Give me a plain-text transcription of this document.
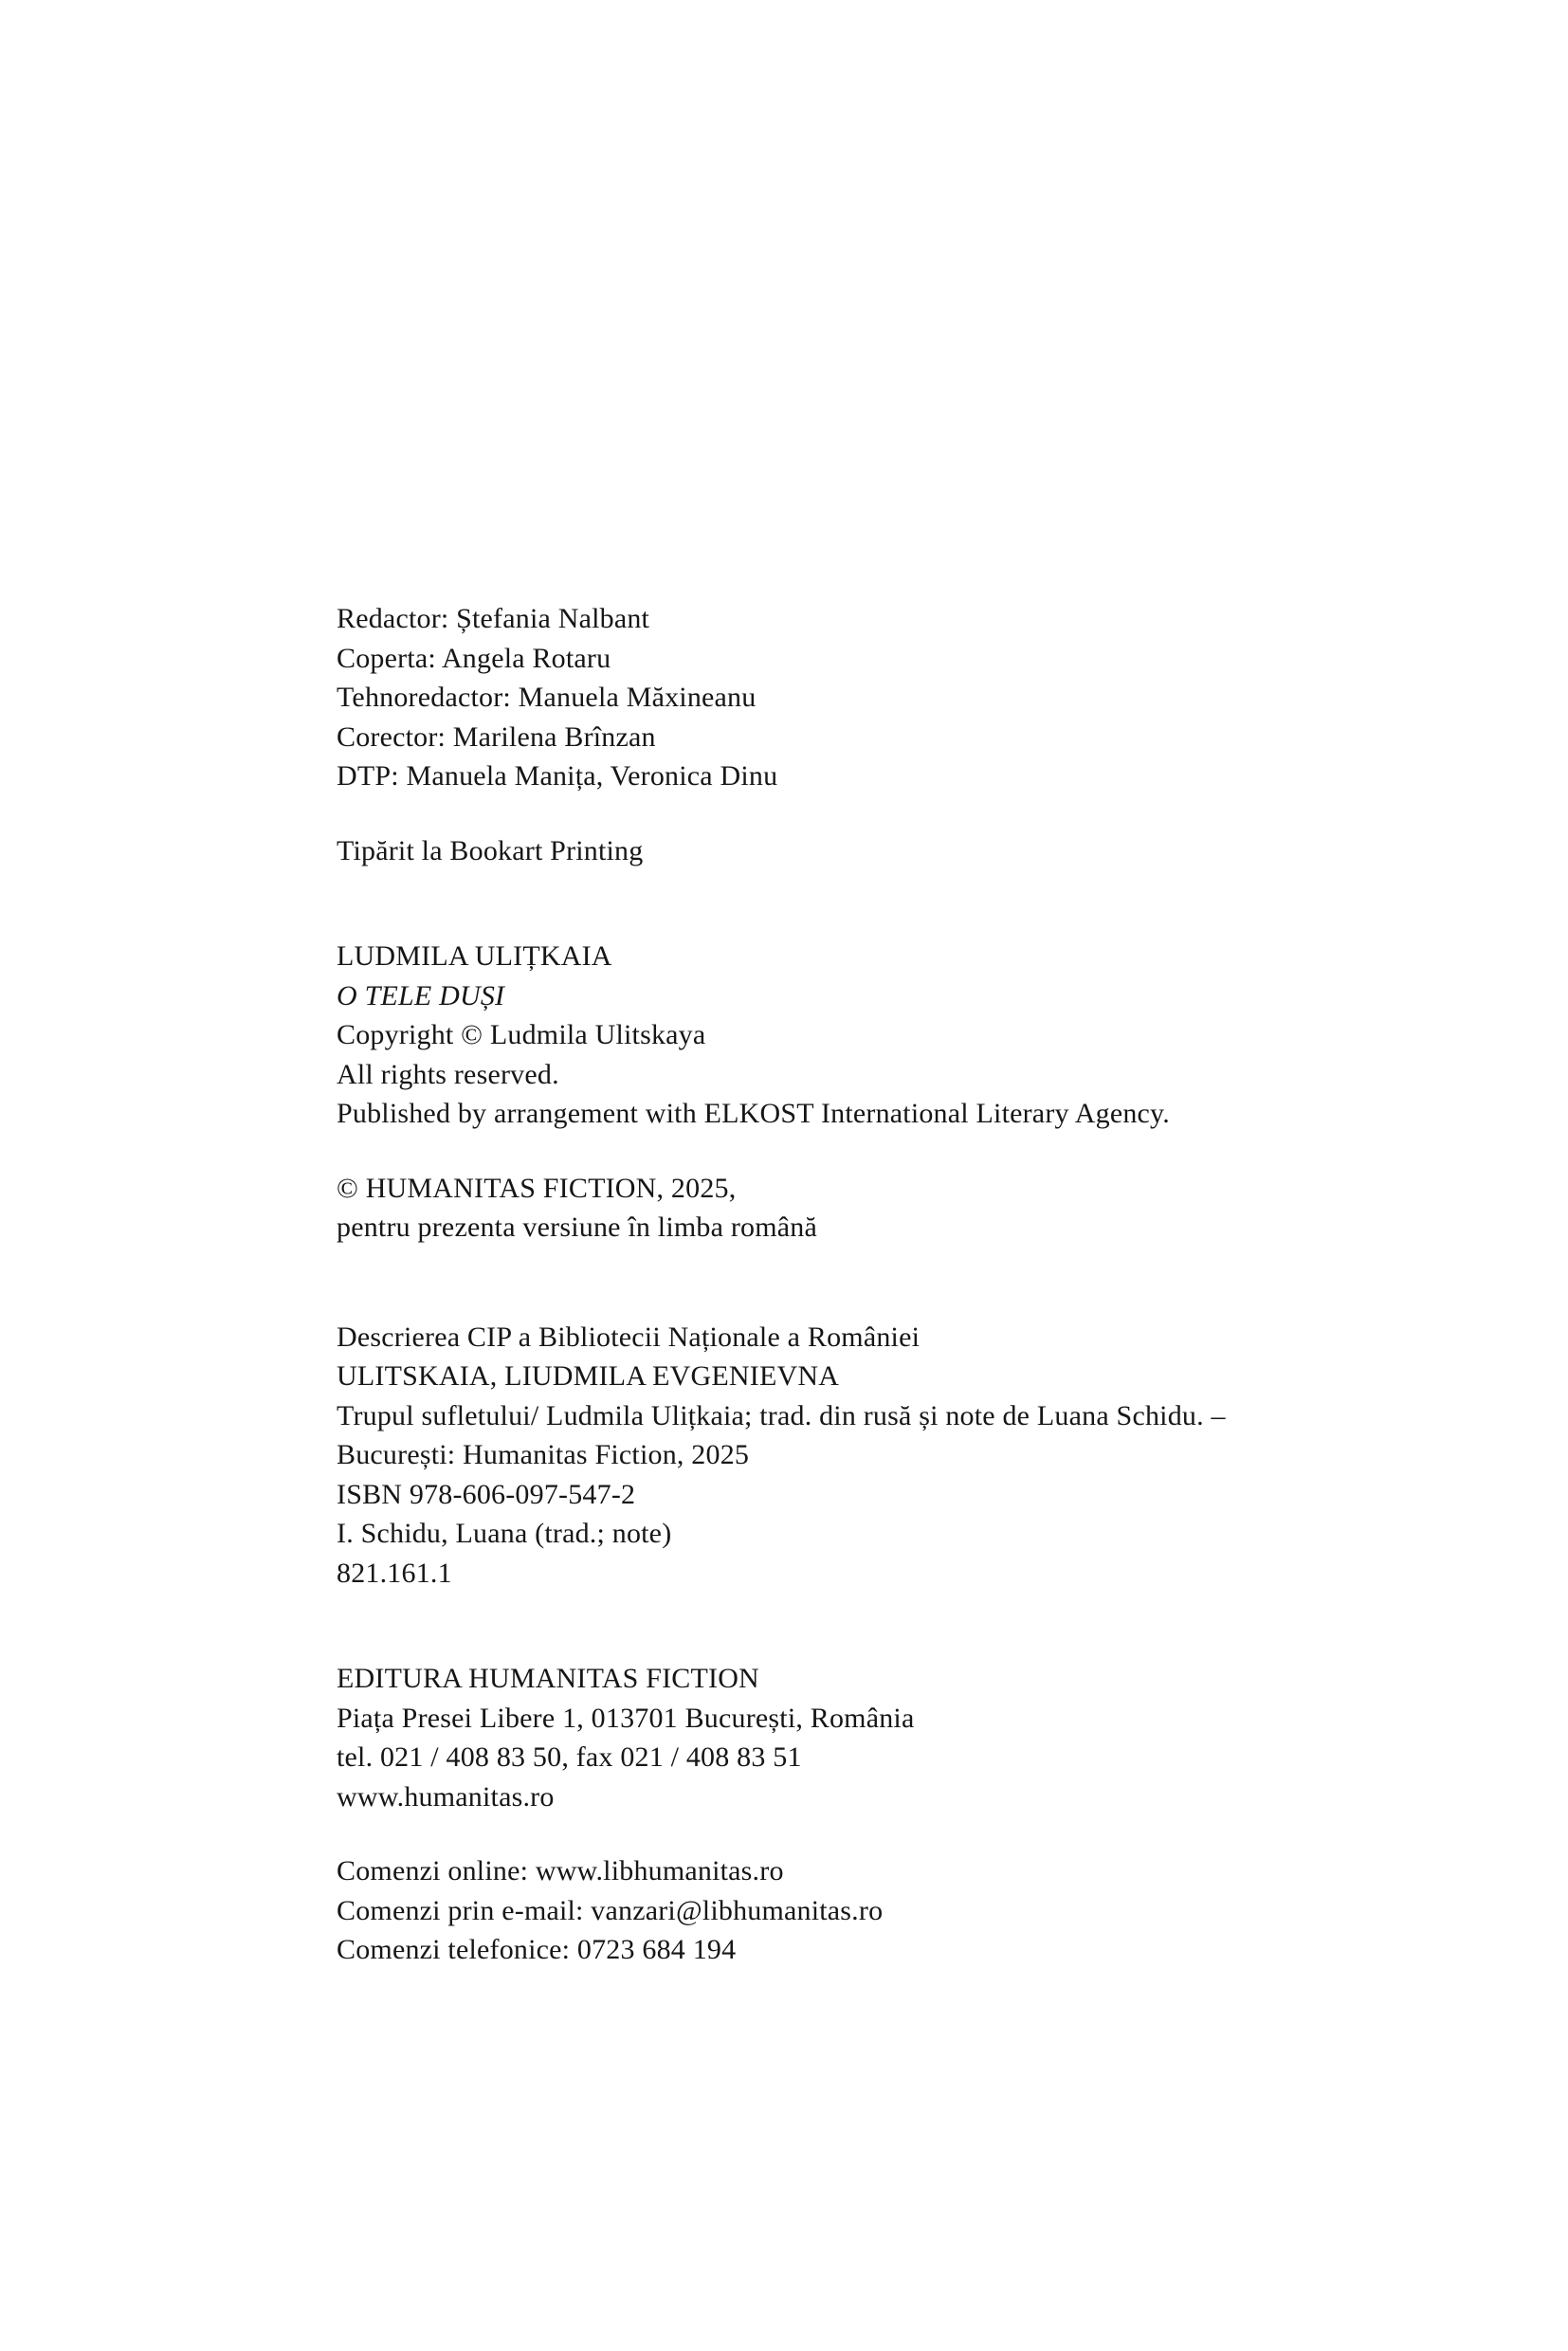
Redactor: Ștefania Nalbant
Coperta: Angela Rotaru
Tehnoredactor: Manuela Măxineanu
Corector: Marilena Brînzan
DTP: Manuela Manița, Veronica Dinu
Tipărit la Bookart Printing
LUDMILA ULIȚKAIA
O TELE DUȘI
Copyright © Ludmila Ulitskaya
All rights reserved.
Published by arrangement with ELKOST International Literary Agency.
© HUMANITAS FICTION, 2025,
pentru prezenta versiune în limba română
Descrierea CIP a Bibliotecii Naționale a României
ULITSKAIA, LIUDMILA EVGENIEVNA
Trupul sufletului/ Ludmila Ulițkaia; trad. din rusă și note de Luana Schidu. –
București: Humanitas Fiction, 2025
ISBN 978-606-097-547-2
I. Schidu, Luana (trad.; note)
821.161.1
EDITURA HUMANITAS FICTION
Piața Presei Libere 1, 013701 București, România
tel. 021 / 408 83 50, fax 021 / 408 83 51
www.humanitas.ro
Comenzi online: www.libhumanitas.ro
Comenzi prin e-mail: vanzari@libhumanitas.ro
Comenzi telefonice: 0723 684 194
